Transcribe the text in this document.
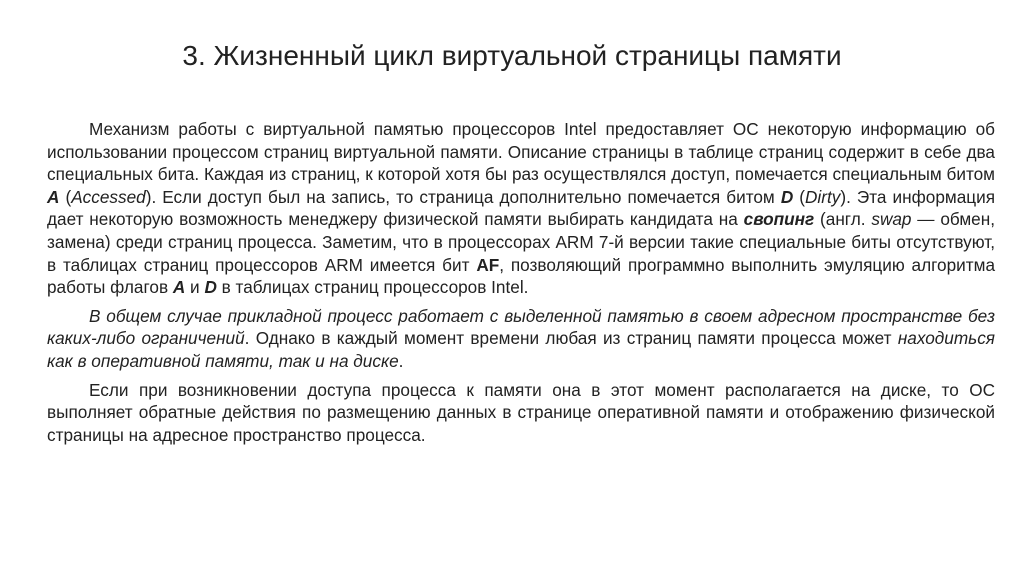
3. Жизненный цикл виртуальной страницы памяти

Механизм работы с виртуальной памятью процессоров Intel предоставляет ОС некоторую информацию об использовании процессом страниц виртуальной памяти. Описание страницы в таблице страниц содержит в себе два специальных бита. Каждая из страниц, к которой хотя бы раз осуществлялся доступ, помечается специальным битом A (Accessed). Если доступ был на запись, то страница дополнительно помечается битом D (Dirty). Эта информация дает некоторую возможность менеджеру физической памяти выбирать кандидата на свопинг (англ. swap — обмен, замена) среди страниц процесса. Заметим, что в процессорах ARM 7-й версии такие специальные биты отсутствуют, в таблицах страниц процессоров ARM имеется бит AF, позволяющий программно выполнить эмуляцию алгоритма работы флагов A и D в таблицах страниц процессоров Intel.

В общем случае прикладной процесс работает с выделенной памятью в своем адресном пространстве без каких-либо ограничений. Однако в каждый момент времени любая из страниц памяти процесса может находиться как в оперативной памяти, так и на диске.

Если при возникновении доступа процесса к памяти она в этот момент располагается на диске, то ОС выполняет обратные действия по размещению данных в странице оперативной памяти и отображению физической страницы на адресное пространство процесса.
